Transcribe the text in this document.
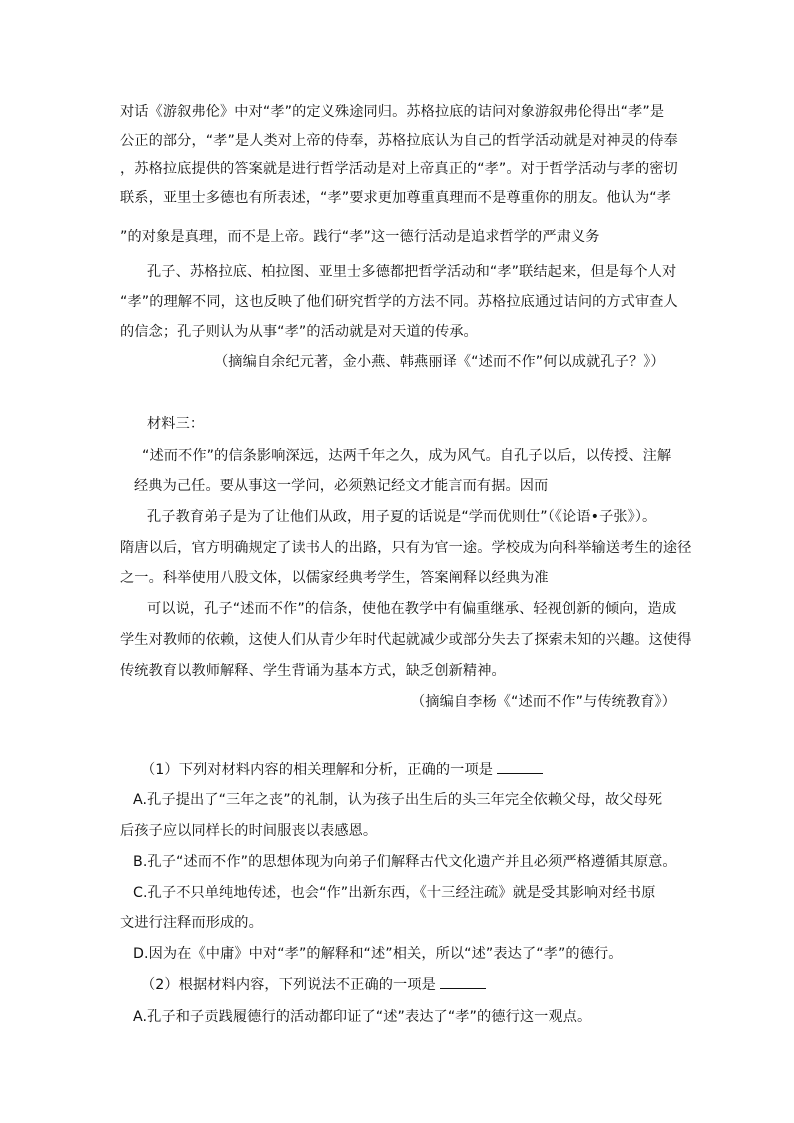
对话《游叙弗伦》中对“孝”的定义殊途同归。苏格拉底的诘问对象游叙弗伦得出“孝”是
公正的部分，“孝”是人类对上帝的侍奉，苏格拉底认为自己的哲学活动就是对神灵的侍奉
，苏格拉底提供的答案就是进行哲学活动是对上帝真正的“孝”。对于哲学活动与孝的密切
联系，亚里士多德也有所表述，“孝”要求更加尊重真理而不是尊重你的朋友。他认为“孝
”的对象是真理，而不是上帝。践行“孝”这一德行活动是追求哲学的严肃义务
孔子、苏格拉底、柏拉图、亚里士多德都把哲学活动和“孝”联结起来，但是每个人对
“孝”的理解不同，这也反映了他们研究哲学的方法不同。苏格拉底通过诘问的方式审查人
的信念；孔子则认为从事“孝”的活动就是对天道的传承。
（摘编自余纪元著，金小燕、韩燕丽译《“述而不作”何以成就孔子？》）
材料三：
“述而不作”的信条影响深远，达两千年之久，成为风气。自孔子以后，以传授、注解
经典为己任。要从事这一学问，必须熟记经文才能言而有据。因而
孔子教育弟子是为了让他们从政，用子夏的话说是“学而优则仕”（《论语•子张》）。
隋唐以后，官方明确规定了读书人的出路，只有为官一途。学校成为向科举输送考生的途径
之一。科举使用八股文体，以儒家经典考学生，答案阐释以经典为准
可以说，孔子“述而不作”的信条，使他在教学中有偏重继承、轻视创新的倾向，造成
学生对教师的依赖，这使人们从青少年时代起就减少或部分失去了探索未知的兴趣。这使得
传统教育以教师解释、学生背诵为基本方式，缺乏创新精神。
（摘编自李杨《“述而不作”与传统教育》）
（1）下列对材料内容的相关理解和分析，正确的一项是
A.孔子提出了“三年之丧”的礼制，认为孩子出生后的头三年完全依赖父母，故父母死
后孩子应以同样长的时间服丧以表感恩。
B.孔子“述而不作”的思想体现为向弟子们解释古代文化遗产并且必须严格遵循其原意。
C.孔子不只单纯地传述，也会“作”出新东西，《十三经注疏》就是受其影响对经书原
文进行注释而形成的。
D.因为在《中庸》中对“孝”的解释和“述”相关，所以“述”表达了“孝”的德行。
（2）根据材料内容，下列说法不正确的一项是
A.孔子和子贡践履德行的活动都印证了“述”表达了“孝”的德行这一观点。
